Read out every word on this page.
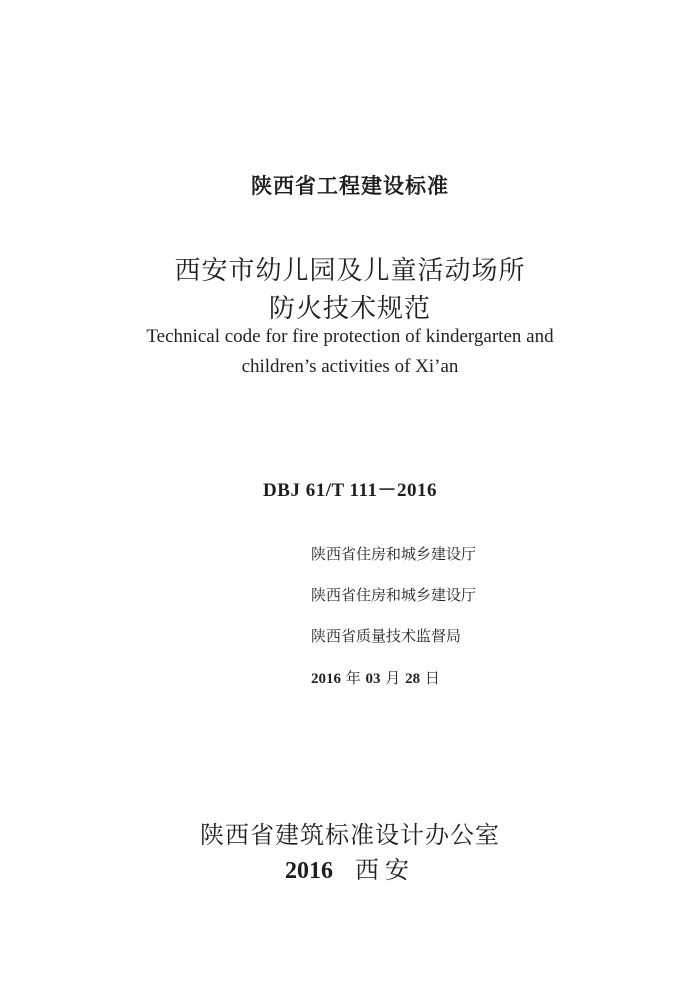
陕西省工程建设标准
西安市幼儿园及儿童活动场所
防火技术规范
Technical code for fire protection of kindergarten and
children’s activities of Xi’an
DBJ 61/T 111－2016
陕西省住房和城乡建设厅
陕西省住房和城乡建设厅
陕西省质量技术监督局
2016 年 03 月 28 日
陕西省建筑标准设计办公室
2016 西安
